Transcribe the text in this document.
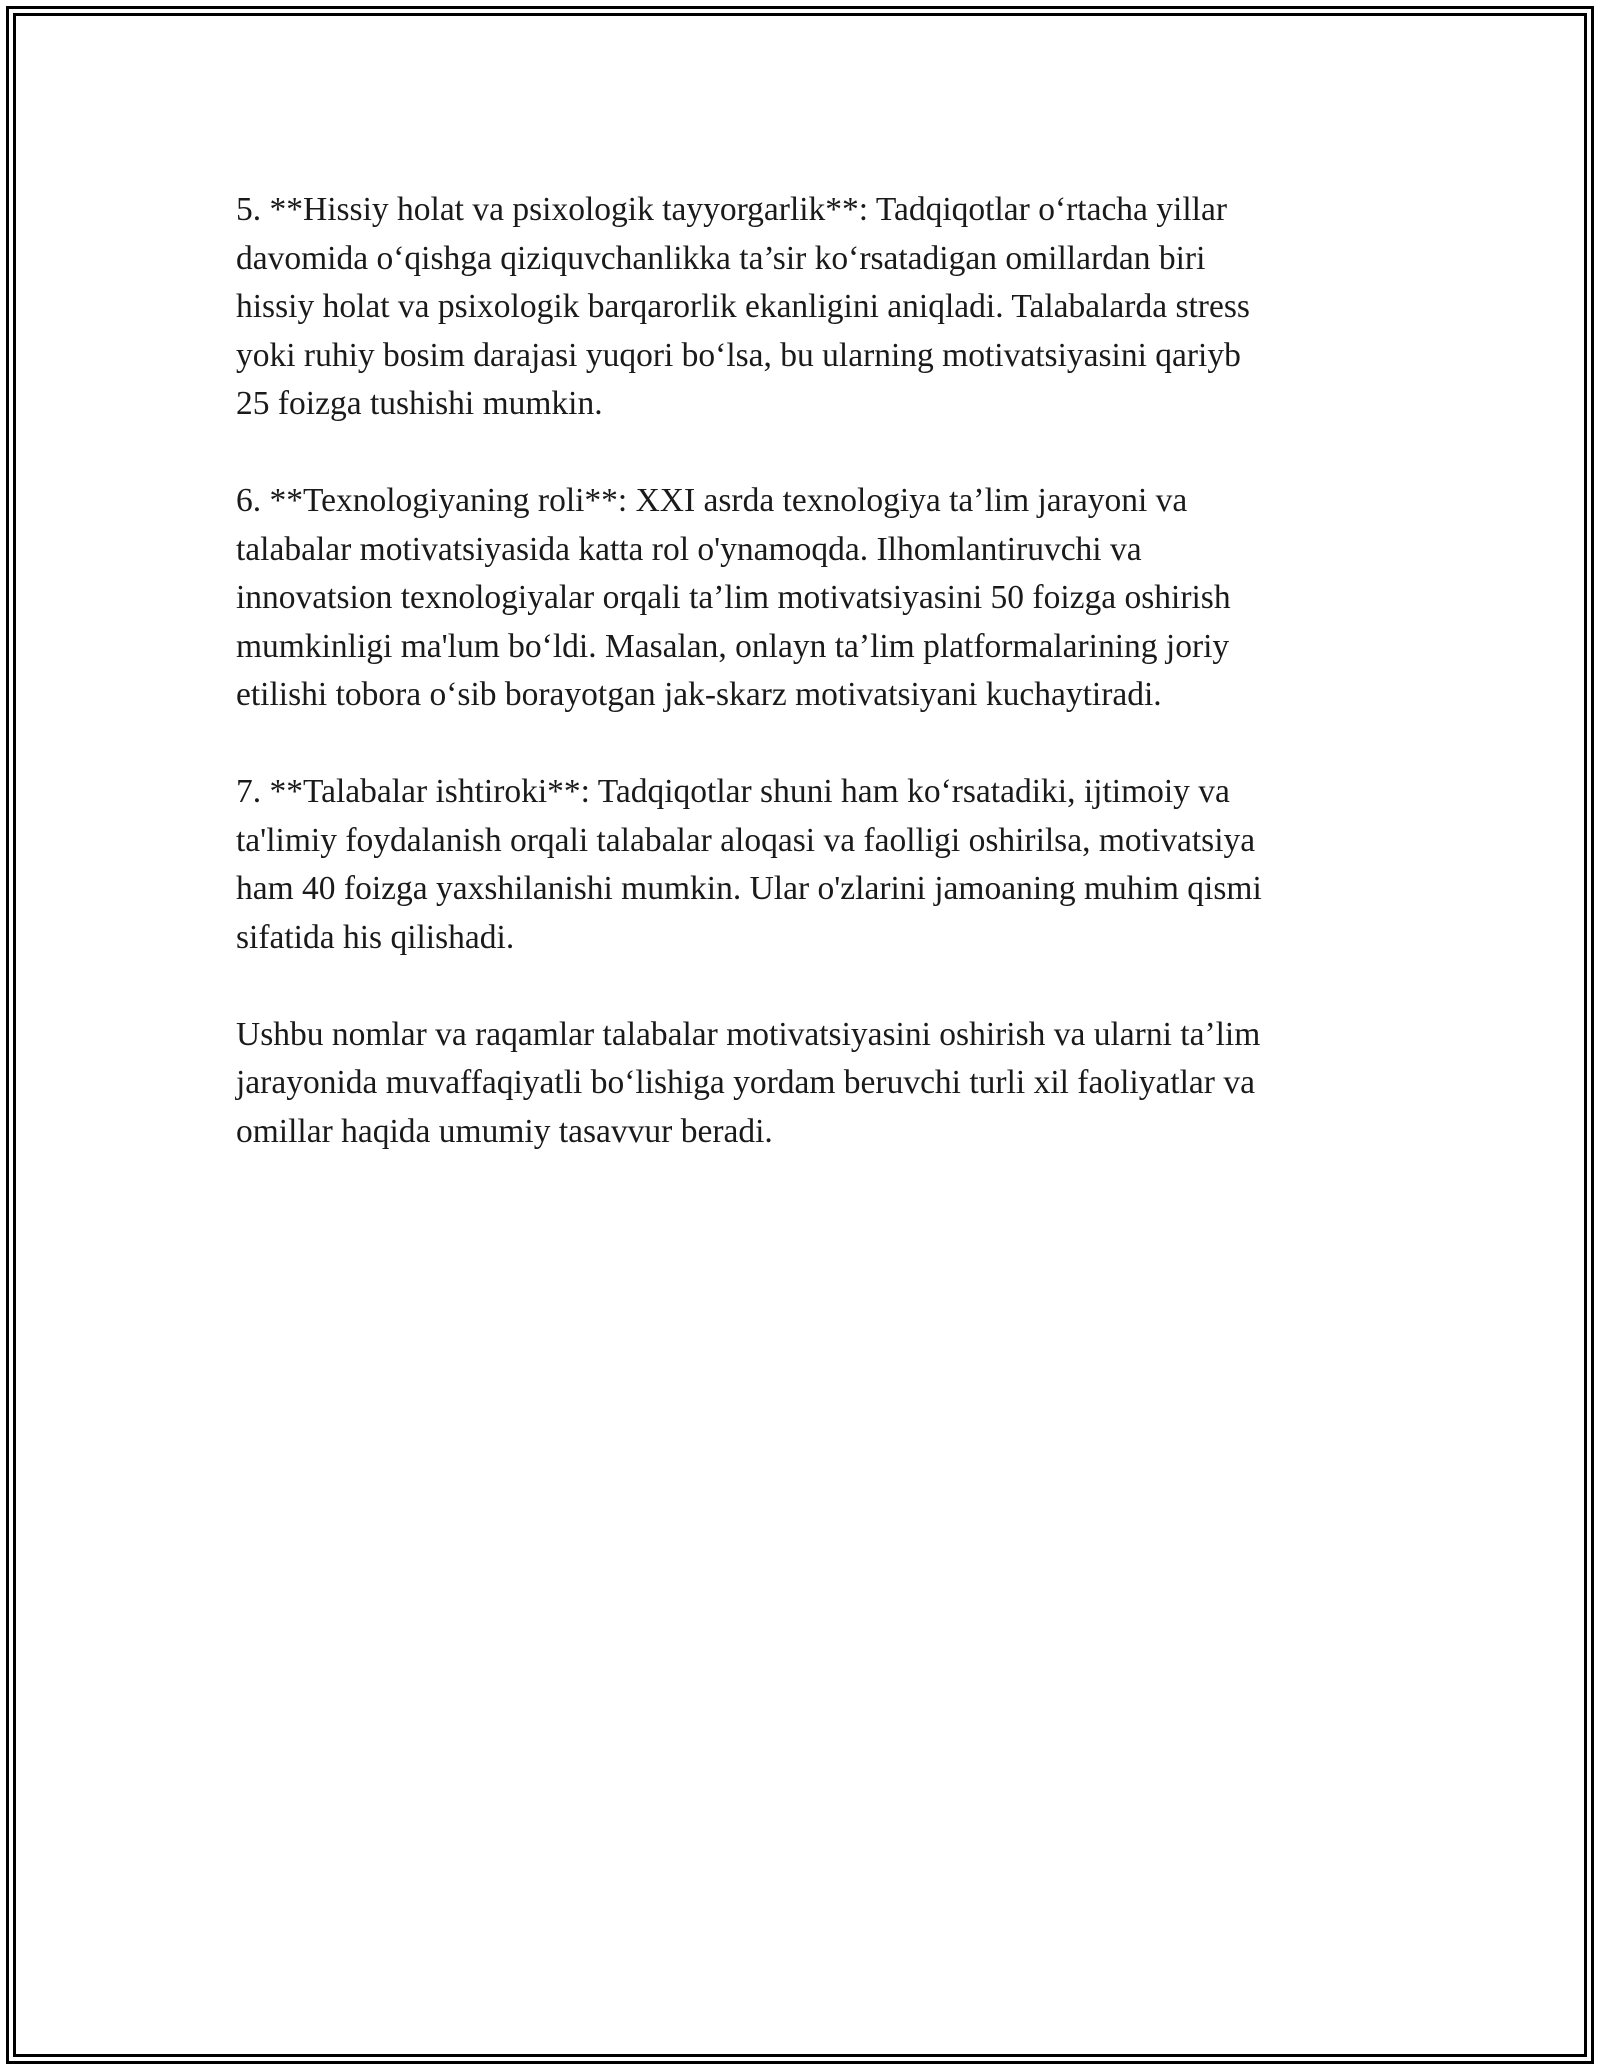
5. **Hissiy holat va psixologik tayyorgarlik**: Tadqiqotlar oʻrtacha yillar
davomida oʻqishga qiziquvchanlikka ta’sir koʻrsatadigan omillardan biri
hissiy holat va psixologik barqarorlik ekanligini aniqladi. Talabalarda stress
yoki ruhiy bosim darajasi yuqori boʻlsa, bu ularning motivatsiyasini qariyb
25 foizga tushishi mumkin.

6. **Texnologiyaning roli**: XXI asrda texnologiya ta’lim jarayoni va
talabalar motivatsiyasida katta rol o'ynamoqda. Ilhomlantiruvchi va
innovatsion texnologiyalar orqali ta’lim motivatsiyasini 50 foizga oshirish
mumkinligi ma'lum boʻldi. Masalan, onlayn ta’lim platformalarining joriy
etilishi tobora oʻsib borayotgan jak-skarz motivatsiyani kuchaytiradi.

7. **Talabalar ishtiroki**: Tadqiqotlar shuni ham koʻrsatadiki, ijtimoiy va
ta'limiy foydalanish orqali talabalar aloqasi va faolligi oshirilsa, motivatsiya
ham 40 foizga yaxshilanishi mumkin. Ular o'zlarini jamoaning muhim qismi
sifatida his qilishadi.

Ushbu nomlar va raqamlar talabalar motivatsiyasini oshirish va ularni ta’lim
jarayonida muvaffaqiyatli boʻlishiga yordam beruvchi turli xil faoliyatlar va
omillar haqida umumiy tasavvur beradi.
